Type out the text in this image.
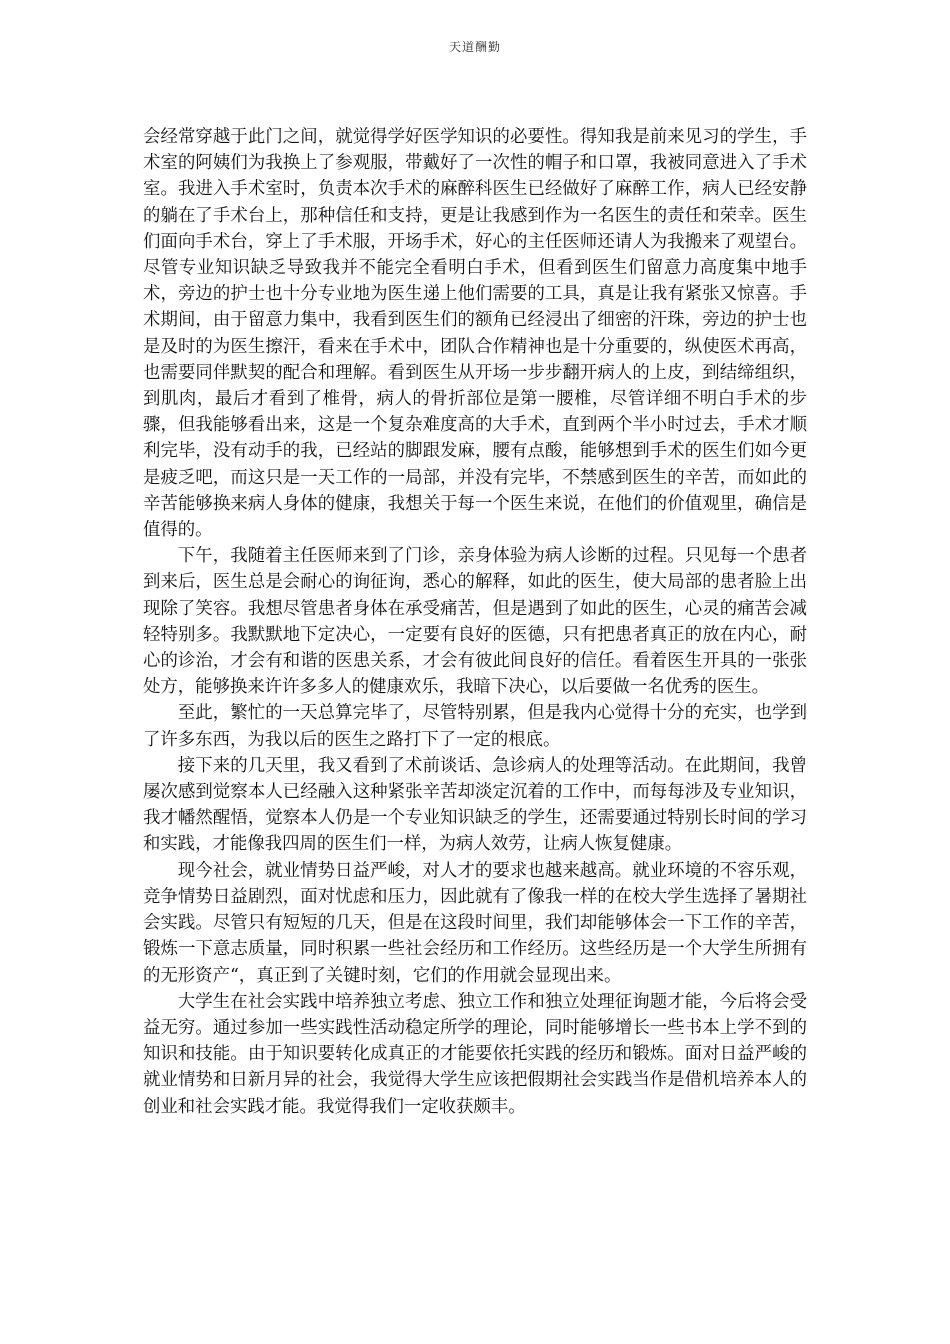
天道酬勤

会经常穿越于此门之间，就觉得学好医学知识的必要性。得知我是前来见习的学生，手术室的阿姨们为我换上了参观服，带戴好了一次性的帽子和口罩，我被同意进入了手术室。我进入手术室时，负责本次手术的麻醉科医生已经做好了麻醉工作，病人已经安静的躺在了手术台上，那种信任和支持，更是让我感到作为一名医生的责任和荣幸。医生们面向手术台，穿上了手术服，开场手术，好心的主任医师还请人为我搬来了观望台。尽管专业知识缺乏导致我并不能完全看明白手术，但看到医生们留意力高度集中地手术，旁边的护士也十分专业地为医生递上他们需要的工具，真是让我有紧张又惊喜。手术期间，由于留意力集中，我看到医生们的额角已经浸出了细密的汗珠，旁边的护士也是及时的为医生擦汗，看来在手术中，团队合作精神也是十分重要的，纵使医术再高，也需要同伴默契的配合和理解。看到医生从开场一步步翻开病人的上皮，到结缔组织，到肌肉，最后才看到了椎骨，病人的骨折部位是第一腰椎，尽管详细不明白手术的步骤，但我能够看出来，这是一个复杂难度高的大手术，直到两个半小时过去，手术才顺利完毕，没有动手的我，已经站的脚跟发麻，腰有点酸，能够想到手术的医生们如今更是疲乏吧，而这只是一天工作的一局部，并没有完毕，不禁感到医生的辛苦，而如此的辛苦能够换来病人身体的健康，我想关于每一个医生来说，在他们的价值观里，确信是值得的。

下午，我随着主任医师来到了门诊，亲身体验为病人诊断的过程。只见每一个患者到来后，医生总是会耐心的询征询，悉心的解释，如此的医生，使大局部的患者脸上出现除了笑容。我想尽管患者身体在承受痛苦，但是遇到了如此的医生，心灵的痛苦会减轻特别多。我默默地下定决心，一定要有良好的医德，只有把患者真正的放在内心，耐心的诊治，才会有和谐的医患关系，才会有彼此间良好的信任。看着医生开具的一张张处方，能够换来许许多多人的健康欢乐，我暗下决心，以后要做一名优秀的医生。

至此，繁忙的一天总算完毕了，尽管特别累，但是我内心觉得十分的充实，也学到了许多东西，为我以后的医生之路打下了一定的根底。

接下来的几天里，我又看到了术前谈话、急诊病人的处理等活动。在此期间，我曾屡次感到觉察本人已经融入这种紧张辛苦却淡定沉着的工作中，而每每涉及专业知识，我才幡然醒悟，觉察本人仍是一个专业知识缺乏的学生，还需要通过特别长时间的学习和实践，才能像我四周的医生们一样，为病人效劳，让病人恢复健康。

现今社会，就业情势日益严峻，对人才的要求也越来越高。就业环境的不容乐观，竞争情势日益剧烈，面对忧虑和压力，因此就有了像我一样的在校大学生选择了暑期社会实践。尽管只有短短的几天，但是在这段时间里，我们却能够体会一下工作的辛苦，锻炼一下意志质量，同时积累一些社会经历和工作经历。这些经历是一个大学生所拥有的无形资产“，真正到了关键时刻，它们的作用就会显现出来。

大学生在社会实践中培养独立考虑、独立工作和独立处理征询题才能，今后将会受益无穷。通过参加一些实践性活动稳定所学的理论，同时能够增长一些书本上学不到的知识和技能。由于知识要转化成真正的才能要依托实践的经历和锻炼。面对日益严峻的就业情势和日新月异的社会，我觉得大学生应该把假期社会实践当作是借机培养本人的创业和社会实践才能。我觉得我们一定收获颇丰。
